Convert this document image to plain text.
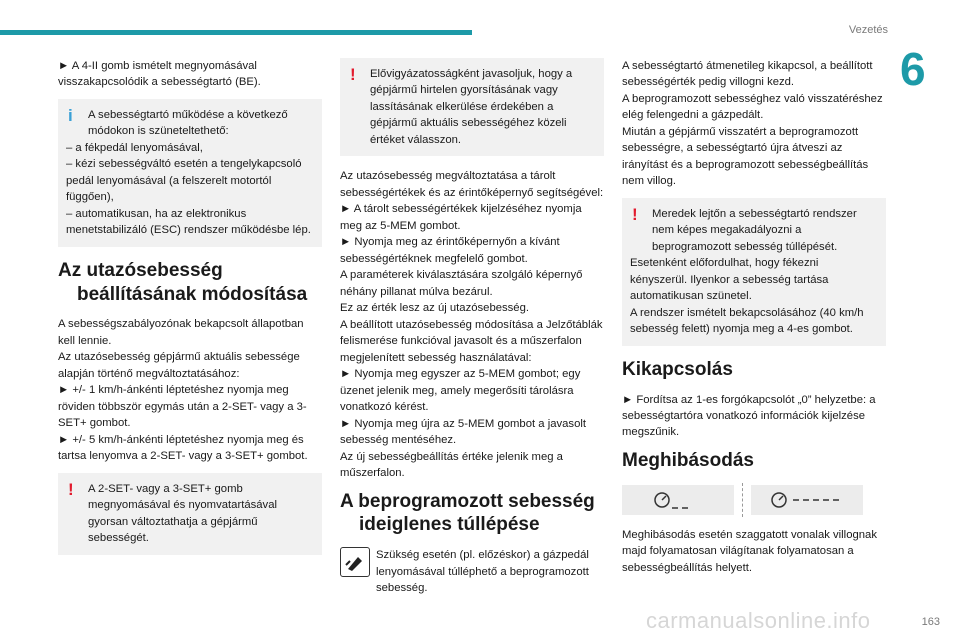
Vezetés
6

► A 4-II gomb ismételt megnyomásával visszakapcsolódik a sebességtartó (BE).

i	A sebességtartó működése a következő módokon is szüneteltethető:

– a fékpedál lenyomásával,

– kézi sebességváltó esetén a tengelykapcsoló pedál lenyomásával (a felszerelt motortól függően),

– automatikusan, ha az elektronikus menetstabilizáló (ESC) rendszer működésbe lép.

Az utazósebesség
beállításának módosítása

A sebességszabályozónak bekapcsolt állapotban kell lennie.

Az utazósebesség gépjármű aktuális sebessége alapján történő megváltoztatásához:

► +/- 1 km/h-ánkénti léptetéshez nyomja meg röviden többször egymás után a 2-SET- vagy a 3-SET+ gombot.

► +/- 5 km/h-ánkénti léptetéshez nyomja meg és tartsa lenyomva a 2-SET- vagy a 3-SET+ gombot.

!	A 2-SET- vagy a 3-SET+ gomb megnyomásával és nyomvatartásával gyorsan változtathatja a gépjármű sebességét.

!	Elővigyázatosságként javasoljuk, hogy a gépjármű hirtelen gyorsításának vagy lassításának elkerülése érdekében a gépjármű aktuális sebességéhez közeli értéket válasszon.

Az utazósebesség megváltoztatása a tárolt sebességértékek és az érintőképernyő segítségével:

► A tárolt sebességértékek kijelzéséhez nyomja meg az 5-MEM gombot.

► Nyomja meg az érintőképernyőn a kívánt sebességértéknek megfelelő gombot.

A paraméterek kiválasztására szolgáló képernyő néhány pillanat múlva bezárul.

Ez az érték lesz az új utazósebesség.

A beállított utazósebesség módosítása a Jelzőtáblák felismerése funkcióval javasolt és a műszerfalon megjelenített sebesség használatával:

► Nyomja meg egyszer az 5-MEM gombot; egy üzenet jelenik meg, amely megerősíti tárolásra vonatkozó kérést.

► Nyomja meg újra az 5-MEM gombot a javasolt sebesség mentéséhez.

Az új sebességbeállítás értéke jelenik meg a műszerfalon.

A beprogramozott sebesség
ideiglenes túllépése

Szükség esetén (pl. előzéskor) a gázpedál lenyomásával túlléphető a beprogramozott sebesség.

A sebességtartó átmenetileg kikapcsol, a beállított sebességérték pedig villogni kezd.

A beprogramozott sebességhez való visszatéréshez elég felengedni a gázpedált.

Miután a gépjármű visszatért a beprogramozott sebességre, a sebességtartó újra átveszi az irányítást és a beprogramozott sebességbeállítás nem villog.

!	Meredek lejtőn a sebességtartó rendszer nem képes megakadályozni a beprogramozott sebesség túllépését.

Esetenként előfordulhat, hogy fékezni kényszerül. Ilyenkor a sebesség tartása automatikusan szünetel.

A rendszer ismételt bekapcsolásához (40 km/h sebesség felett) nyomja meg a 4-es gombot.

Kikapcsolás

► Fordítsa az 1-es forgókapcsolót „0” helyzetbe: a sebességtartóra vonatkozó információk kijelzése megszűnik.

Meghibásodás

Meghibásodás esetén szaggatott vonalak villognak majd folyamatosan világítanak folyamatosan a sebességbeállítás helyett.

carmanualsonline.info	163
